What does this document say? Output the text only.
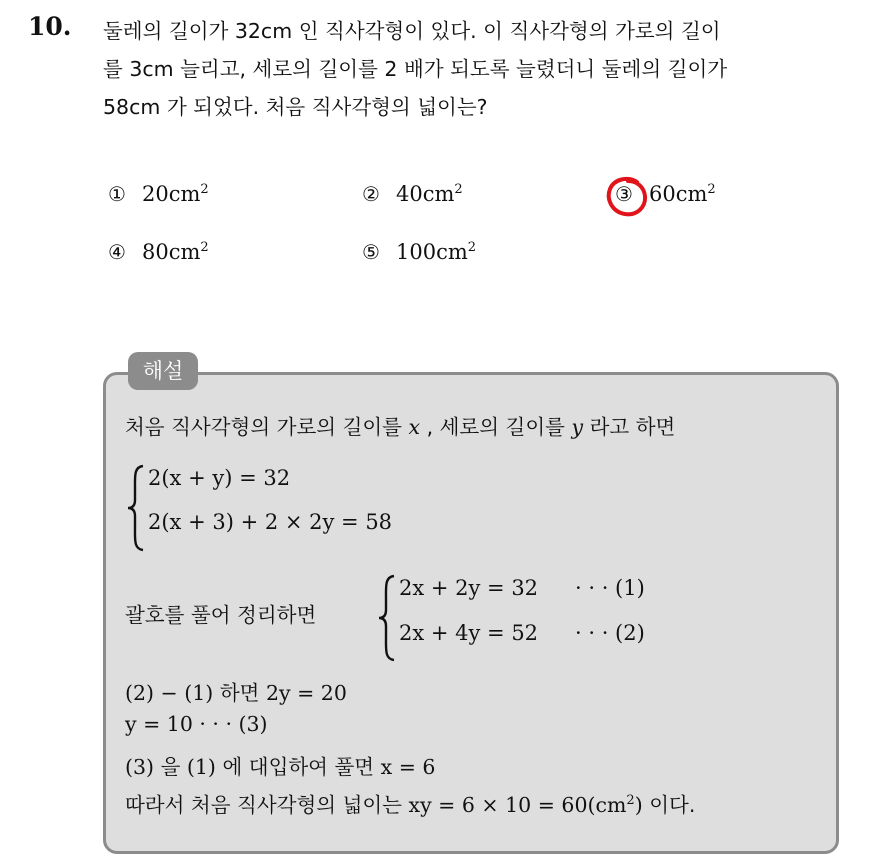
10. 둘레의 길이가 32cm 인 직사각형이 있다. 이 직사각형의 가로의 길이
를 3cm 늘리고, 세로의 길이를 2 배가 되도록 늘렸더니 둘레의 길이가
58cm 가 되었다. 처음 직사각형의 넓이는?
① $20cm^2$	② $40cm^2$	③ $60cm^2$
④ $80cm^2$	⑤ $100cm^2$
해설
처음 직사각형의 가로의 길이를 x , 세로의 길이를 y 라고 하면
2(x + y) = 32
2(x + 3) + 2 × 2y = 58
괄호를 풀어 정리하면
2x + 2y = 32
2x + 4y = 52
· · · (1)
· · · (2)
(2) − (1) 하면 2y = 20
y = 10 · · · (3)
(3) 을 (1) 에 대입하여 풀면 x = 6
따라서 처음 직사각형의 넓이는 xy = $6 \times 10 = 60(cm^2)$ 이다.
